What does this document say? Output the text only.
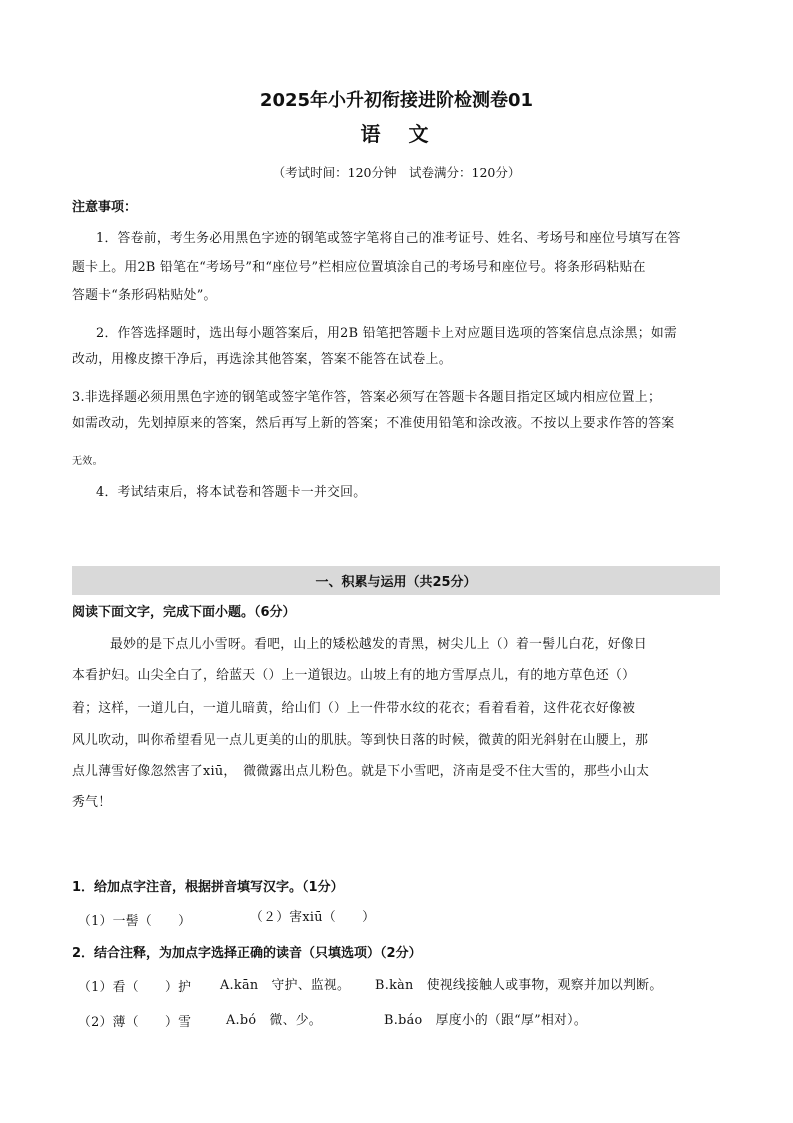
2025年小升初衔接进阶检测卷01
语　文
（考试时间：120分钟　试卷满分：120分）
注意事项：
1．答卷前，考生务必用黑色字迹的钢笔或签字笔将自己的准考证号、姓名、考场号和座位号填写在答
题卡上。用2B 铅笔在“考场号”和“座位号”栏相应位置填涂自己的考场号和座位号。将条形码粘贴在
答题卡“条形码粘贴处”。
2．作答选择题时，选出每小题答案后，用2B 铅笔把答题卡上对应题目选项的答案信息点涂黑；如需
改动，用橡皮擦干净后，再选涂其他答案，答案不能答在试卷上。
3.非选择题必须用黑色字迹的钢笔或签字笔作答，答案必须写在答题卡各题目指定区域内相应位置上；
如需改动，先划掉原来的答案，然后再写上新的答案；不准使用铅笔和涂改液。不按以上要求作答的答案
无效。
4．考试结束后，将本试卷和答题卡一并交回。
一、积累与运用（共25分）
阅读下面文字，完成下面小题。（6分）
最妙的是下点儿小雪呀。看吧，山上的矮松越发的青黑，树尖儿上（）着一髻儿白花，好像日
本看护妇。山尖全白了，给蓝天（）上一道银边。山坡上有的地方雪厚点儿，有的地方草色还（）
着；这样，一道儿白，一道儿暗黄，给山们（）上一件带水纹的花衣；看着看着，这件花衣好像被
风儿吹动，叫你希望看见一点儿更美的山的肌肤。等到快日落的时候，微黄的阳光斜射在山腰上，那
点儿薄雪好像忽然害了xiū，　微微露出点儿粉色。就是下小雪吧，济南是受不住大雪的，那些小山太
秀气！
1．给加点字注音，根据拼音填写汉字。（1分）
（1）一髻（　　）	（２）害xiū（　　）
2．结合注释，为加点字选择正确的读音（只填选项）（2分）
（1）看（　　）护 A.kān　守护、监视。 B.kàn　使视线接触人或事物，观察并加以判断。
（2）薄（　　）雪	A.bó　微、少。	B.báo　厚度小的（跟“厚”相对）。
